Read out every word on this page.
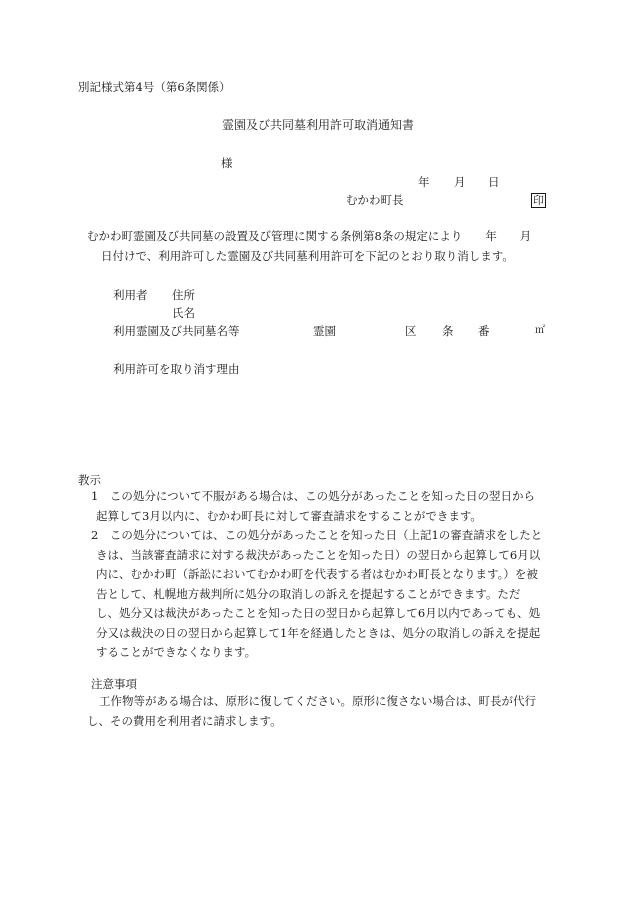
別記様式第4号（第6条関係）
霊園及び共同墓利用許可取消通知書
様
年 月 日
むかわ町長	印
むかわ町霊園及び共同墓の設置及び管理に関する条例第8条の規定により　　年　　月
日付けで、利用許可した霊園及び共同墓利用許可を下記のとおり取り消します。
利用者 住所
氏名
利用霊園及び共同墓名等	霊園	区 条 番	㎡
利用許可を取り消す理由
教示
1　この処分について不服がある場合は、この処分があったことを知った日の翌日から
起算して3月以内に、むかわ町長に対して審査請求をすることができます。
2　この処分については、この処分があったことを知った日（上記1の審査請求をしたと
きは、当該審査請求に対する裁決があったことを知った日）の翌日から起算して6月以
内に、むかわ町（訴訟においてむかわ町を代表する者はむかわ町長となります。）を被
告として、札幌地方裁判所に処分の取消しの訴えを提起することができます。ただ
し、処分又は裁決があったことを知った日の翌日から起算して6月以内であっても、処
分又は裁決の日の翌日から起算して1年を経過したときは、処分の取消しの訴えを提起
することができなくなります。
注意事項
工作物等がある場合は、原形に復してください。原形に復さない場合は、町長が代行
し、その費用を利用者に請求します。
